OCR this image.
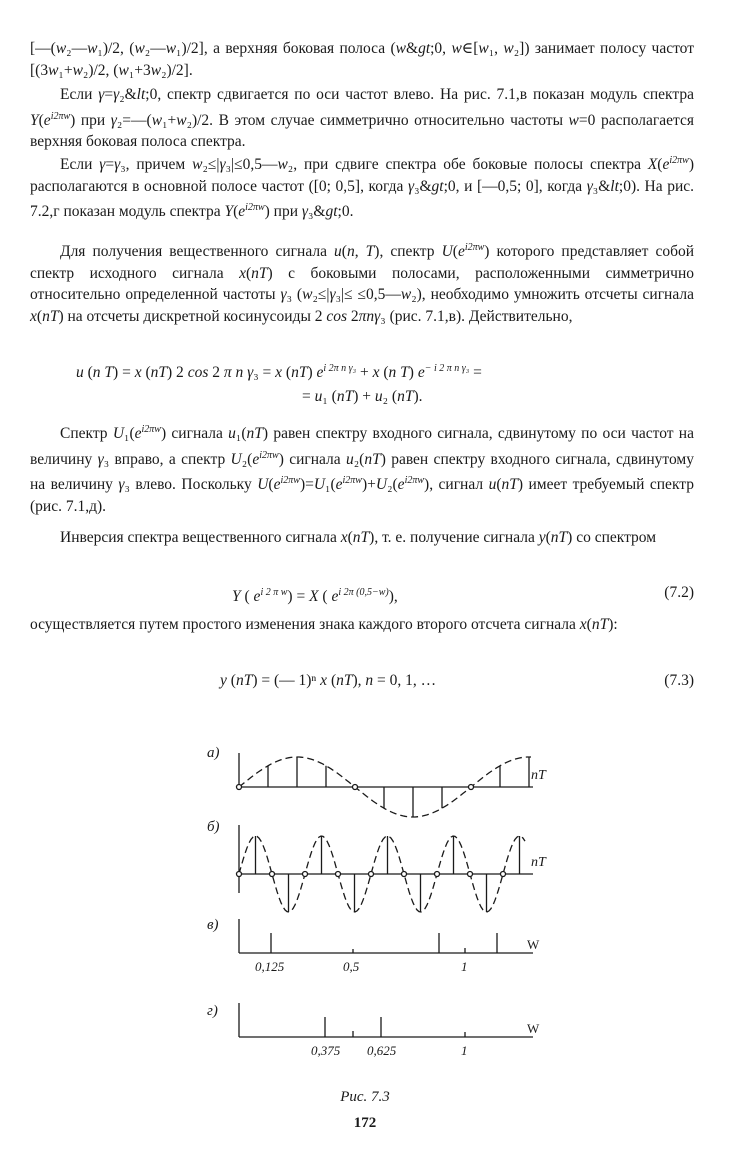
[—(w₂—w₁)/2, (w₂—w₁)/2], а верхняя боковая полоса (w&gt;0, w∈[w₁, w₂]) занимает полосу частот [(3w₁+w₂)/2, (w₁+3w₂)/2].

Если γ=γ₂&lt;0, спектр сдвигается по оси частот влево. На рис. 7.1,в показан модуль спектра $Y(e^{i2\pi w})$ при γ₂=—(w₁+w₂)/2. В этом случае симметрично относительно частоты w=0 располагается верхняя боковая полоса спектра.

Если γ=γ₃, причем w₂≤|γ₃|≤0,5—w₂, при сдвиге спектра обе боковые полосы спектра $X(e^{i2\pi w})$ располагаются в основной полосе частот ([0; 0,5], когда γ₃&gt;0, и [—0,5; 0], когда γ₃&lt;0). На рис. 7.2,г показан модуль спектра $Y(e^{i2\pi w})$ при γ₃&gt;0.

Для получения вещественного сигнала u(n, T), спектр $U(e^{i2\pi w})$ которого представляет собой спектр исходного сигнала x(nT) с боковыми полосами, расположенными симметрично относительно определенной частоты γ₃ (w₂≤|γ₃|≤ ≤0,5—w₂), необходимо умножить отсчеты сигнала x(nT) на отсчеты дискретной косинусоиды 2 cos 2πnγ₃ (рис. 7.1,в). Действительно,

u (n T) = x (nT) 2 cos 2 π n γ₃ = x (nT) $e^{i 2\pi n \gamma_3} + x$ (n T) $e^{- i 2 \pi n \gamma_3}$ =
= u₁ (nT) + u₂ (nT).

Спектр $U_1(e^{i2\pi w})$ сигнала u₁(nT) равен спектру входного сигнала, сдвинутому по оси частот на величину γ₃ вправо, а спектр $U_2(e^{i2\pi w})$ сигнала u₂(nT) равен спектру входного сигнала, сдвинутому на величину γ₃ влево. Поскольку $U(e^{i2\pi w})=U_1(e^{i2\pi w})+U_2(e^{i2\pi w})$, сигнал u(nT) имеет требуемый спектр (рис. 7.1,д).

Инверсия спектра вещественного сигнала x(nT), т. е. получение сигнала y(nT) со спектром

Y ( $e^{i 2 \pi w}) = X$ ( $e^{i 2\pi (0,5-w)}$),	(7.2)

осуществляется путем простого изменения знака каждого второго отсчета сигнала x(nT):

y (nT) = (— 1)ⁿ x (nT), n = 0, 1, …	(7.3)
а)
б)
в)
г)
nT
nT
W
W
0,125	0,5	1
0,375 0,625	1

Рис. 7.3

172
